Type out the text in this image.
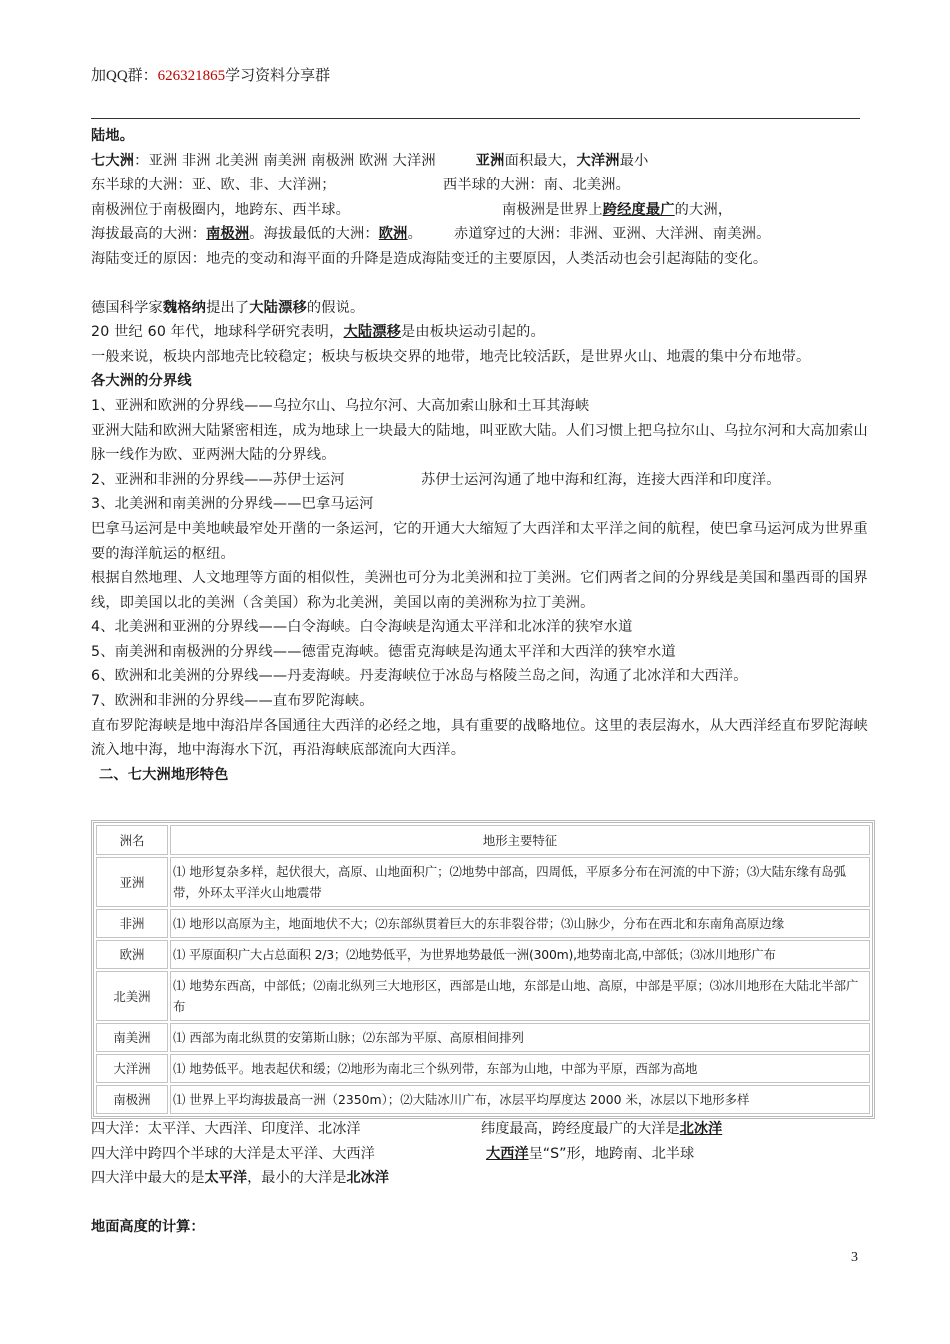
加QQ群：626321865学习资料分享群

陆地。

七大洲：亚洲 非洲 北美洲 南美洲 南极洲 欧洲 大洋洲	亚洲面积最大，大洋洲最小

东半球的大洲：亚、欧、非、大洋洲；	西半球的大洲：南、北美洲。

南极洲位于南极圈内，地跨东、西半球。	南极洲是世界上跨经度最广的大洲，

海拔最高的大洲：南极洲。海拔最低的大洲：欧洲。 赤道穿过的大洲：非洲、亚洲、大洋洲、南美洲。

海陆变迁的原因：地壳的变动和海平面的升降是造成海陆变迁的主要原因，人类活动也会引起海陆的变化。

德国科学家魏格纳提出了大陆漂移的假说。

20 世纪 60 年代，地球科学研究表明，大陆漂移是由板块运动引起的。

一般来说，板块内部地壳比较稳定；板块与板块交界的地带，地壳比较活跃，是世界火山、地震的集中分布地带。

各大洲的分界线

1、亚洲和欧洲的分界线——乌拉尔山、乌拉尔河、大高加索山脉和土耳其海峡

亚洲大陆和欧洲大陆紧密相连，成为地球上一块最大的陆地，叫亚欧大陆。人们习惯上把乌拉尔山、乌拉尔河和大高加索山脉一线作为欧、亚两洲大陆的分界线。

2、亚洲和非洲的分界线——苏伊士运河	苏伊士运河沟通了地中海和红海，连接大西洋和印度洋。

3、北美洲和南美洲的分界线——巴拿马运河

巴拿马运河是中美地峡最窄处开凿的一条运河，它的开通大大缩短了大西洋和太平洋之间的航程，使巴拿马运河成为世界重要的海洋航运的枢纽。

根据自然地理、人文地理等方面的相似性，美洲也可分为北美洲和拉丁美洲。它们两者之间的分界线是美国和墨西哥的国界线，即美国以北的美洲（含美国）称为北美洲，美国以南的美洲称为拉丁美洲。

4、北美洲和亚洲的分界线——白令海峡。白令海峡是沟通太平洋和北冰洋的狭窄水道

5、南美洲和南极洲的分界线——德雷克海峡。德雷克海峡是沟通太平洋和大西洋的狭窄水道

6、欧洲和北美洲的分界线——丹麦海峡。丹麦海峡位于冰岛与格陵兰岛之间，沟通了北冰洋和大西洋。

7、欧洲和非洲的分界线——直布罗陀海峡。

直布罗陀海峡是地中海沿岸各国通往大西洋的必经之地，具有重要的战略地位。这里的表层海水，从大西洋经直布罗陀海峡流入地中海，地中海海水下沉，再沿海峡底部流向大西洋。

二、七大洲地形特色

洲名	地形主要特征
亚洲	⑴ 地形复杂多样，起伏很大，高原、山地面积广；⑵地势中部高，四周低，平原多分布在河流的中下游；⑶大陆东缘有岛弧带，外环太平洋火山地震带
非洲	⑴ 地形以高原为主，地面地伏不大；⑵东部纵贯着巨大的东非裂谷带；⑶山脉少，分布在西北和东南角高原边缘
欧洲	⑴ 平原面积广大占总面积 2/3；⑵地势低平，为世界地势最低一洲(300m),地势南北高,中部低；⑶冰川地形广布
北美洲	⑴ 地势东西高，中部低；⑵南北纵列三大地形区，西部是山地，东部是山地、高原，中部是平原；⑶冰川地形在大陆北半部广布
南美洲	⑴ 西部为南北纵贯的安第斯山脉；⑵东部为平原、高原相间排列
大洋洲	⑴ 地势低平。地表起伏和缓；⑵地形为南北三个纵列带，东部为山地，中部为平原，西部为高地
南极洲	⑴ 世界上平均海拔最高一洲（2350m）；⑵大陆冰川广布，冰层平均厚度达 2000 米，冰层以下地形多样

四大洋：太平洋、大西洋、印度洋、北冰洋	纬度最高，跨经度最广的大洋是北冰洋

四大洋中跨四个半球的大洋是太平洋、大西洋	大西洋呈“S”形，地跨南、北半球

四大洋中最大的是太平洋，最小的大洋是北冰洋

地面高度的计算：

3
